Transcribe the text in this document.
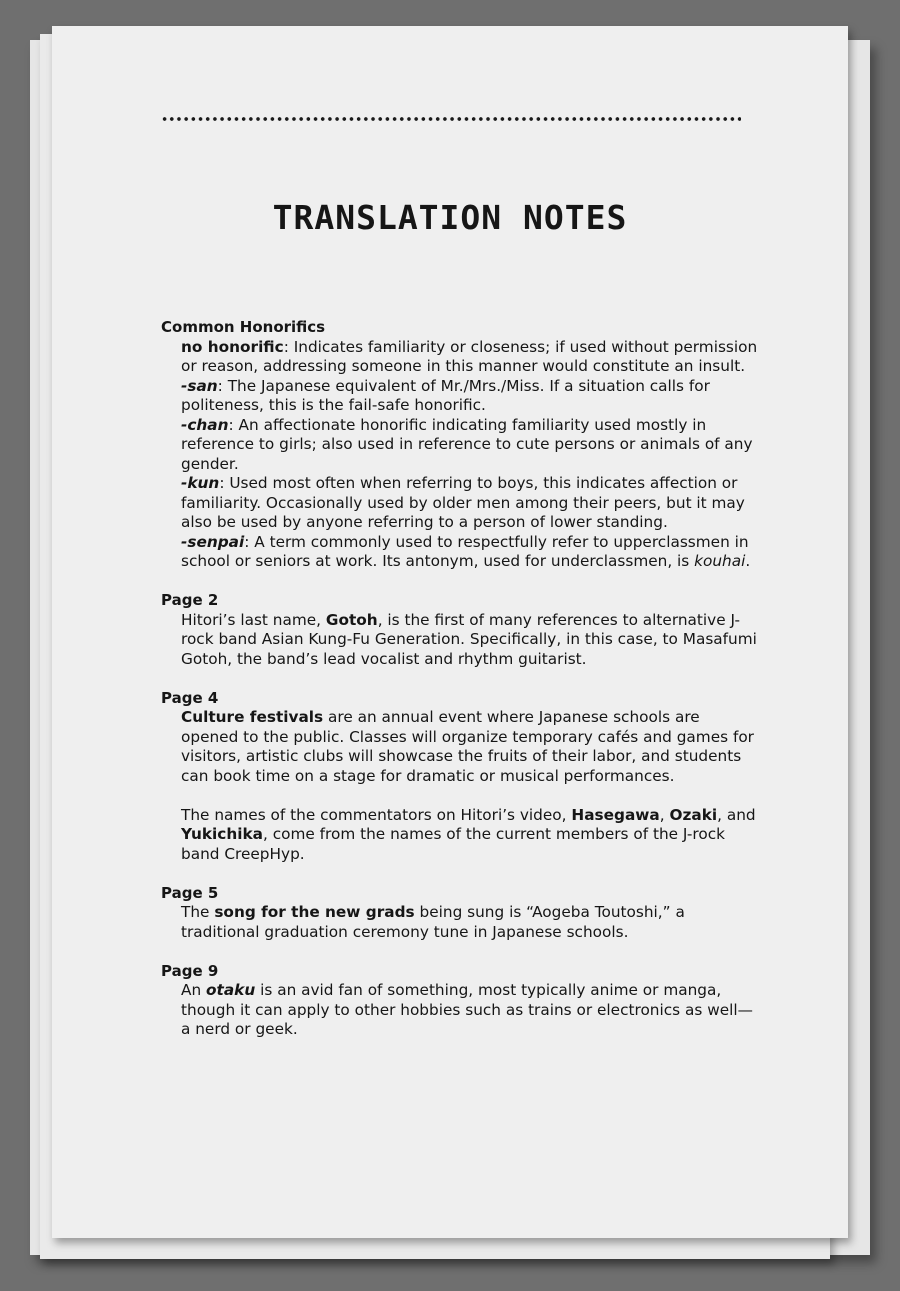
TRANSLATION NOTES
Common Honorifics

no honorific: Indicates familiarity or closeness; if used without permission or reason, addressing someone in this manner would constitute an insult.

-san: The Japanese equivalent of Mr./Mrs./Miss. If a situation calls for politeness, this is the fail-safe honorific.

-chan: An affectionate honorific indicating familiarity used mostly in reference to girls; also used in reference to cute persons or animals of any gender.

-kun: Used most often when referring to boys, this indicates affection or familiarity. Occasionally used by older men among their peers, but it may also be used by anyone referring to a person of lower standing.

-senpai: A term commonly used to respectfully refer to upperclassmen in school or seniors at work. Its antonym, used for underclassmen, is kouhai.

Page 2

Hitori’s last name, Gotoh, is the first of many references to alternative J-rock band Asian Kung-Fu Generation. Specifically, in this case, to Masafumi Gotoh, the band’s lead vocalist and rhythm guitarist.

Page 4

Culture festivals are an annual event where Japanese schools are opened to the public. Classes will organize temporary cafés and games for visitors, artistic clubs will showcase the fruits of their labor, and students can book time on a stage for dramatic or musical performances.

The names of the commentators on Hitori’s video, Hasegawa, Ozaki, and Yukichika, come from the names of the current members of the J-rock band CreepHyp.

Page 5

The song for the new grads being sung is “Aogeba Toutoshi,” a traditional graduation ceremony tune in Japanese schools.

Page 9

An otaku is an avid fan of something, most typically anime or manga, though it can apply to other hobbies such as trains or electronics as well—a nerd or geek.
